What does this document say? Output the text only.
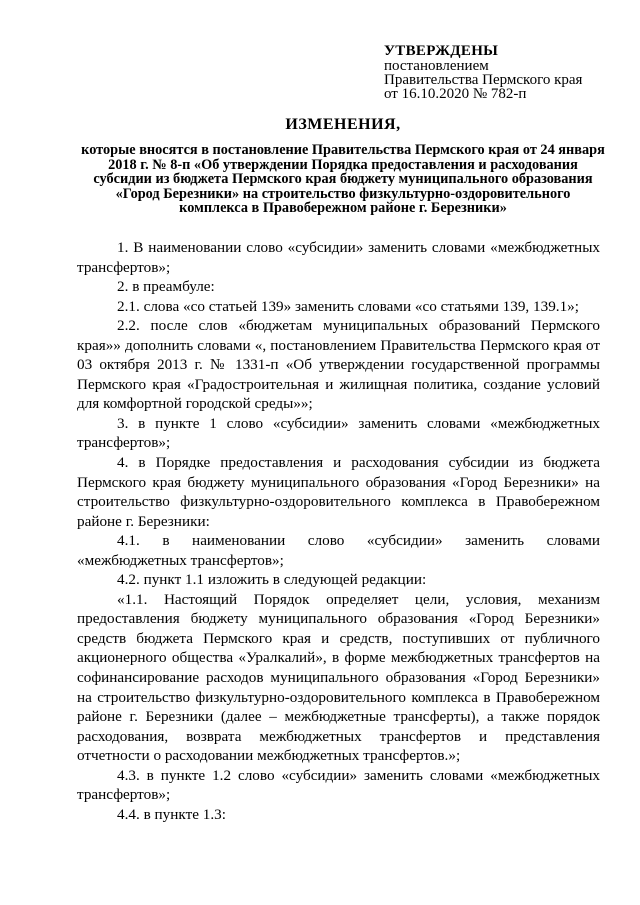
УТВЕРЖДЕНЫ
постановлением
Правительства Пермского края
от 16.10.2020 № 782-п
ИЗМЕНЕНИЯ,
которые вносятся в постановление Правительства Пермского края от 24 января 2018 г. № 8-п «Об утверждении Порядка предоставления и расходования субсидии из бюджета Пермского края бюджету муниципального образования «Город Березники» на строительство физкультурно-оздоровительного комплекса в Правобережном районе г. Березники»

1. В наименовании слово «субсидии» заменить словами «межбюджетных трансфертов»;

2. в преамбуле:

2.1. слова «со статьей 139» заменить словами «со статьями 139, 139.1»;

2.2. после слов «бюджетам муниципальных образований Пермского края»» дополнить словами «, постановлением Правительства Пермского края от 03 октября 2013 г. № 1331-п «Об утверждении государственной программы Пермского края «Градостроительная и жилищная политика, создание условий для комфортной городской среды»»;

3. в пункте 1 слово «субсидии» заменить словами «межбюджетных трансфертов»;

4. в Порядке предоставления и расходования субсидии из бюджета Пермского края бюджету муниципального образования «Город Березники» на строительство физкультурно-оздоровительного комплекса в Правобережном районе г. Березники:

4.1. в наименовании слово «субсидии» заменить словами «межбюджетных трансфертов»;

4.2. пункт 1.1 изложить в следующей редакции:

«1.1. Настоящий Порядок определяет цели, условия, механизм предоставления бюджету муниципального образования «Город Березники» средств бюджета Пермского края и средств, поступивших от публичного акционерного общества «Уралкалий», в форме межбюджетных трансфертов на софинансирование расходов муниципального образования «Город Березники» на строительство физкультурно-оздоровительного комплекса в Правобережном районе г. Березники (далее – межбюджетные трансферты), а также порядок расходования, возврата межбюджетных трансфертов и представления отчетности о расходовании межбюджетных трансфертов.»;

4.3. в пункте 1.2 слово «субсидии» заменить словами «межбюджетных трансфертов»;

4.4. в пункте 1.3:
